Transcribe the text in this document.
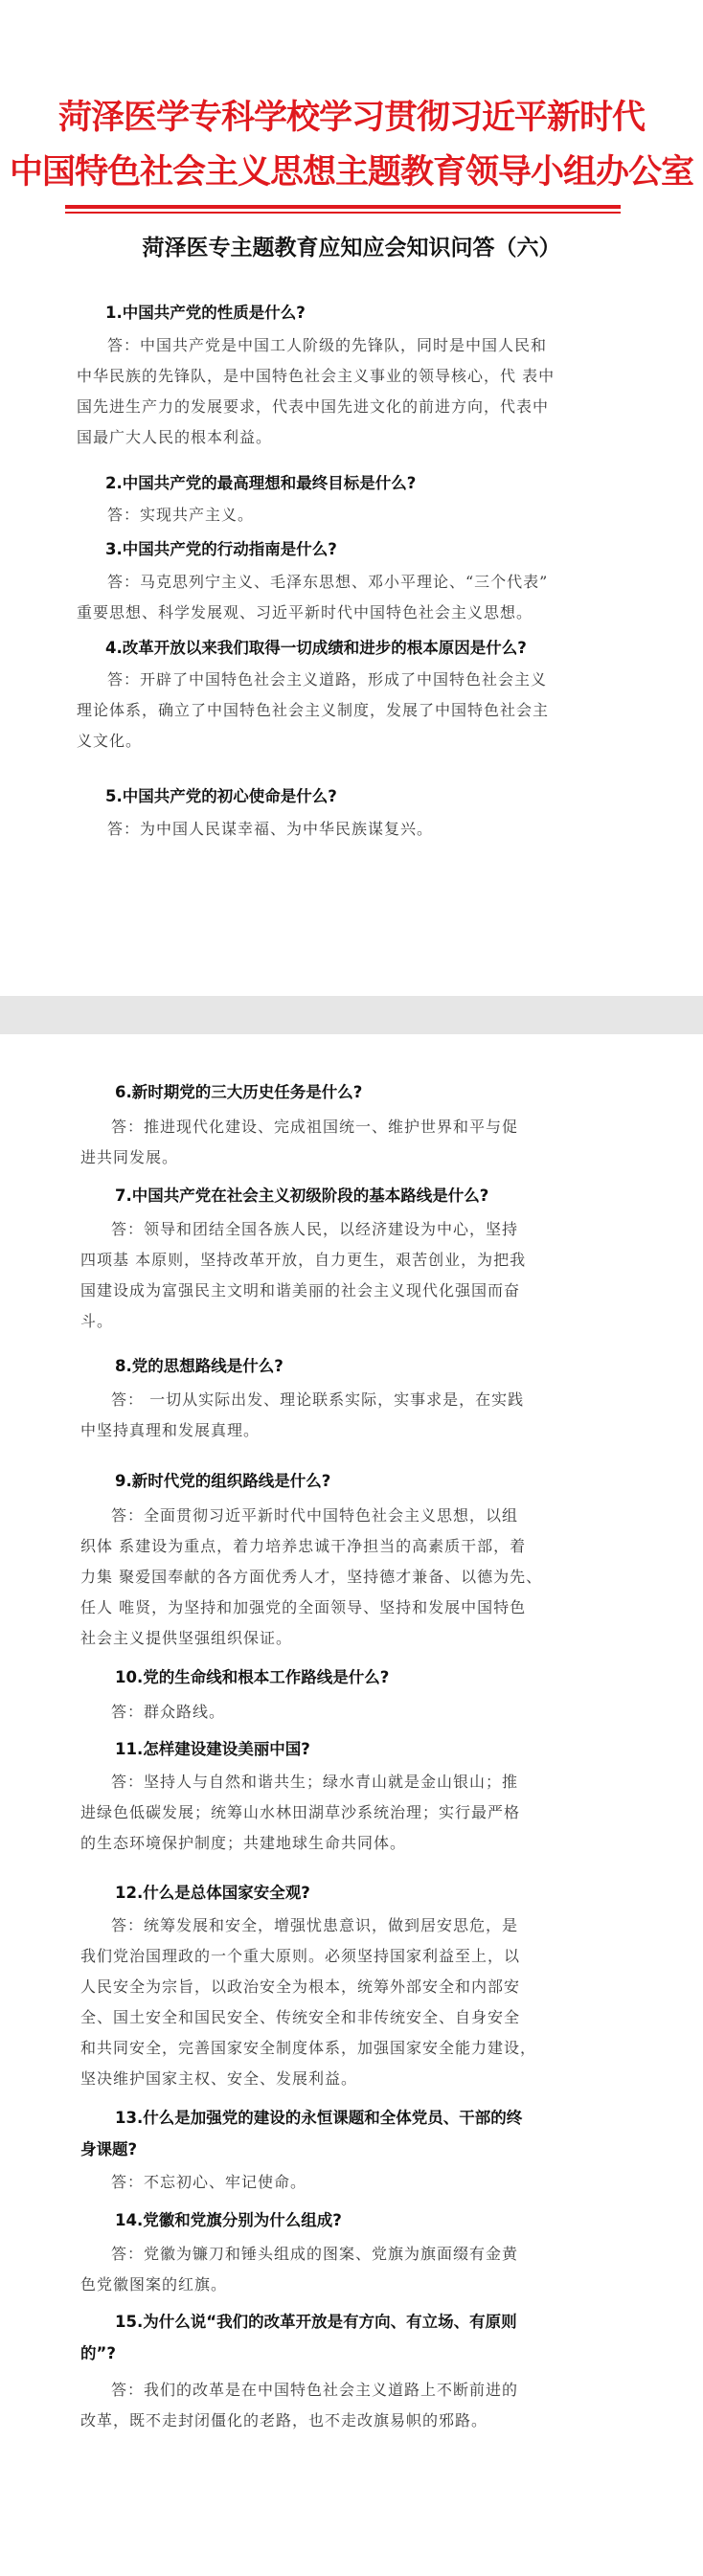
菏泽医学专科学校学习贯彻习近平新时代
中国特色社会主义思想主题教育领导小组办公室
菏泽医专主题教育应知应会知识问答（六）
1.中国共产党的性质是什么?
答：中国共产党是中国工人阶级的先锋队，同时是中国人民和
中华民族的先锋队，是中国特色社会主义事业的领导核心，代 表中
国先进生产力的发展要求，代表中国先进文化的前进方向，代表中
国最广大人民的根本利益。
2.中国共产党的最高理想和最终目标是什么?
答：实现共产主义。
3.中国共产党的行动指南是什么?
答：马克思列宁主义、毛泽东思想、邓小平理论、“三个代表”
重要思想、科学发展观、习近平新时代中国特色社会主义思想。
4.改革开放以来我们取得一切成绩和进步的根本原因是什么?
答：开辟了中国特色社会主义道路，形成了中国特色社会主义
理论体系，确立了中国特色社会主义制度，发展了中国特色社会主
义文化。
5.中国共产党的初心使命是什么?
答：为中国人民谋幸福、为中华民族谋复兴。
6.新时期党的三大历史任务是什么?
答：推进现代化建设、完成祖国统一、维护世界和平与促
进共同发展。
7.中国共产党在社会主义初级阶段的基本路线是什么?
答：领导和团结全国各族人民，以经济建设为中心，坚持
四项基 本原则，坚持改革开放，自力更生，艰苦创业，为把我
国建设成为富强民主文明和谐美丽的社会主义现代化强国而奋
斗。
8.党的思想路线是什么?
答： 一切从实际出发、理论联系实际，实事求是，在实践
中坚持真理和发展真理。
9.新时代党的组织路线是什么?
答：全面贯彻习近平新时代中国特色社会主义思想，以组
织体 系建设为重点，着力培养忠诚干净担当的高素质干部，着
力集 聚爱国奉献的各方面优秀人才，坚持德才兼备、以德为先、
任人 唯贤，为坚持和加强党的全面领导、坚持和发展中国特色
社会主义提供坚强组织保证。
10.党的生命线和根本工作路线是什么?
答：群众路线。
11.怎样建设建设美丽中国?
答：坚持人与自然和谐共生；绿水青山就是金山银山；推
进绿色低碳发展；统筹山水林田湖草沙系统治理；实行最严格
的生态环境保护制度；共建地球生命共同体。
12.什么是总体国家安全观?
答：统筹发展和安全，增强忧患意识，做到居安思危，是
我们党治国理政的一个重大原则。必须坚持国家利益至上，以
人民安全为宗旨，以政治安全为根本，统筹外部安全和内部安
全、国土安全和国民安全、传统安全和非传统安全、自身安全
和共同安全，完善国家安全制度体系，加强国家安全能力建设，
坚决维护国家主权、安全、发展利益。
13.什么是加强党的建设的永恒课题和全体党员、干部的终
身课题?
答：不忘初心、牢记使命。
14.党徽和党旗分别为什么组成?
答：党徽为镰刀和锤头组成的图案、党旗为旗面缀有金黄
色党徽图案的红旗。
15.为什么说“我们的改革开放是有方向、有立场、有原则
的”?
答：我们的改革是在中国特色社会主义道路上不断前进的
改革，既不走封闭僵化的老路，也不走改旗易帜的邪路。
